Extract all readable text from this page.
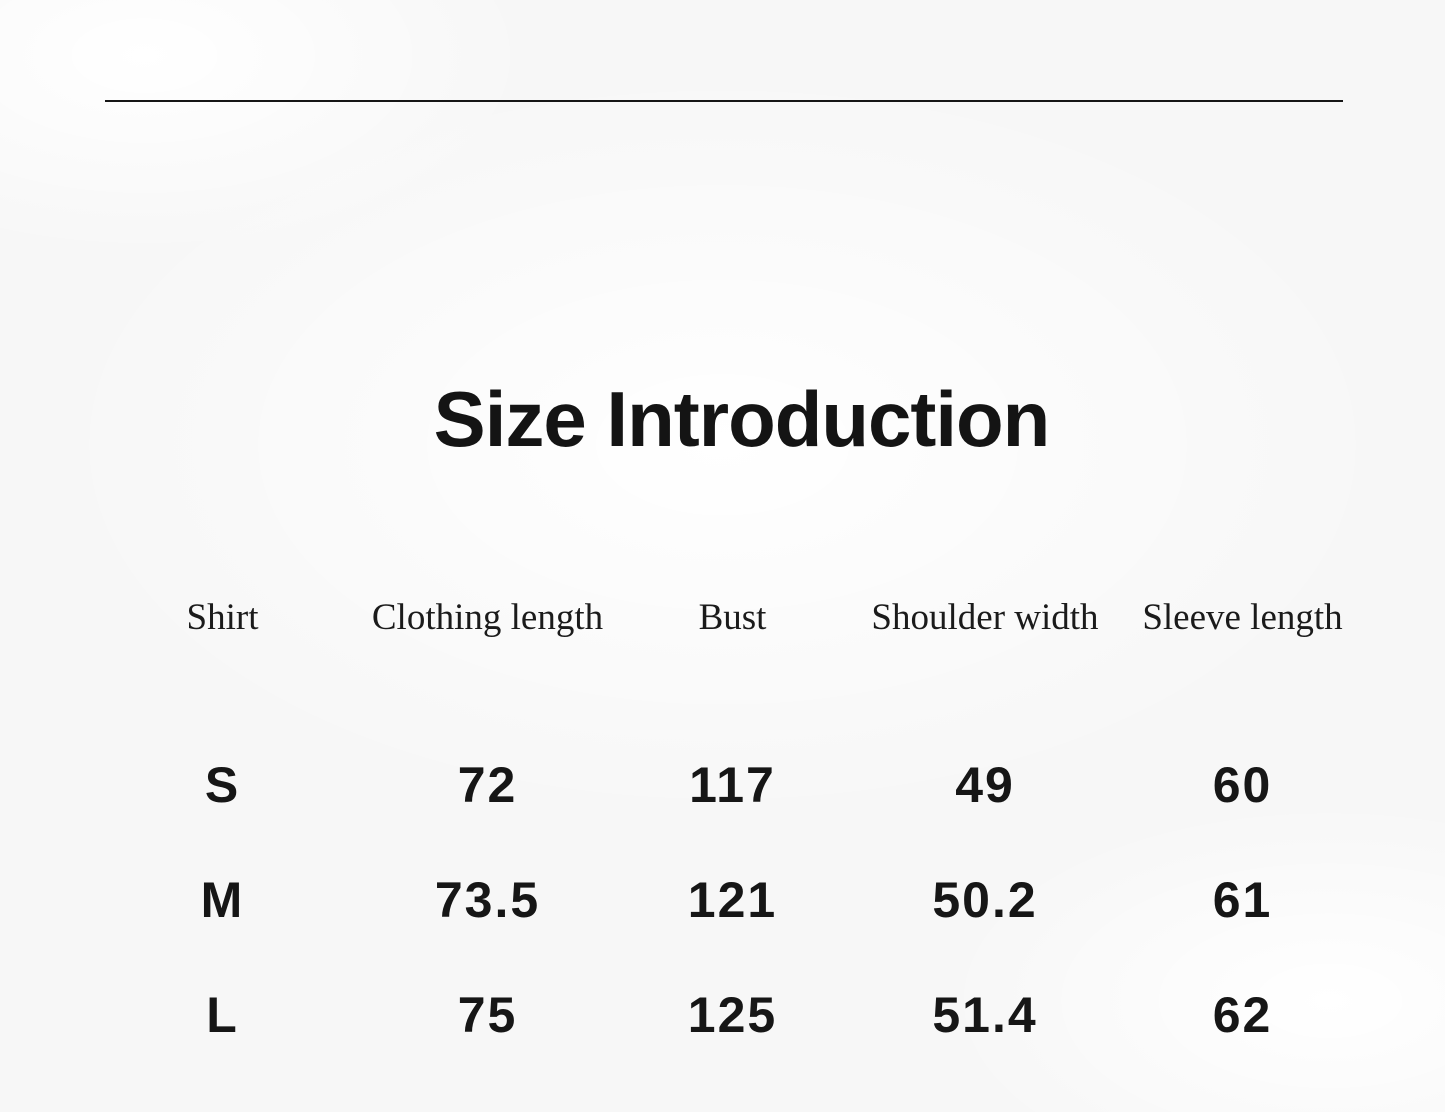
Size Introduction
Shirt	Clothing length	Bust	Shoulder width	Sleeve length
S	72	117	49	60
M	73.5	121	50.2	61
L	75	125	51.4	62
